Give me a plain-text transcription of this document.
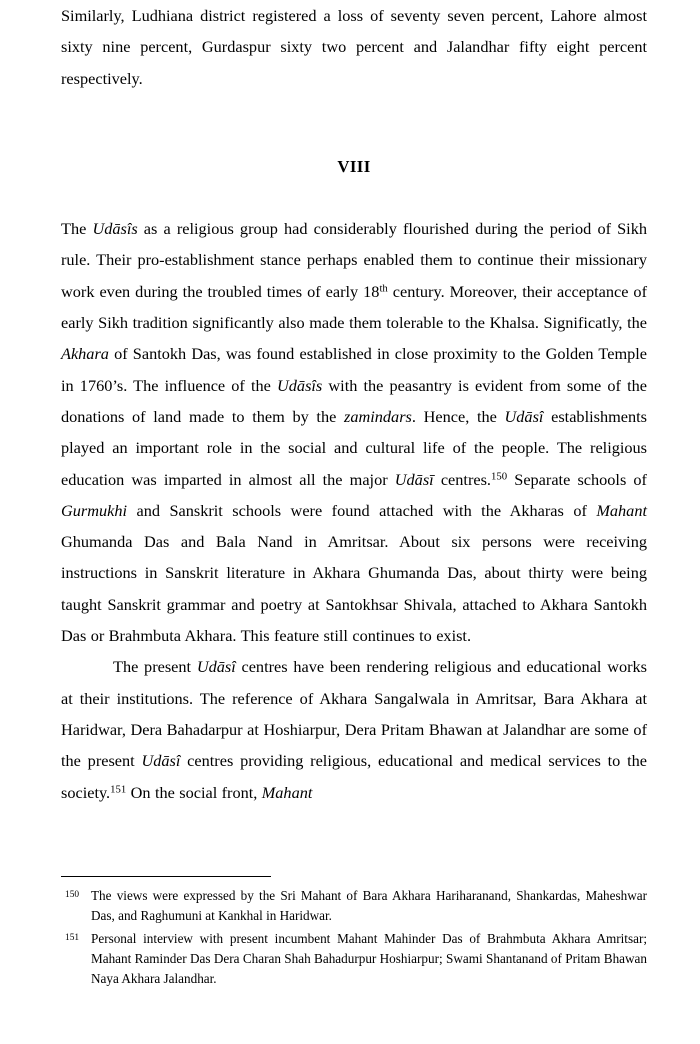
Similarly, Ludhiana district registered a loss of seventy seven percent, Lahore almost sixty nine percent, Gurdaspur sixty two percent and Jalandhar fifty eight percent respectively.

VIII

The Udāsîs as a religious group had considerably flourished during the period of Sikh rule. Their pro-establishment stance perhaps enabled them to continue their missionary work even during the troubled times of early 18th century. Moreover, their acceptance of early Sikh tradition significantly also made them tolerable to the Khalsa. Significatly, the Akhara of Santokh Das, was found established in close proximity to the Golden Temple in 1760’s. The influence of the Udāsîs with the peasantry is evident from some of the donations of land made to them by the zamindars. Hence, the Udāsî establishments played an important role in the social and cultural life of the people. The religious education was imparted in almost all the major Udāsī centres.$^{150}$ Separate schools of Gurmukhi and Sanskrit schools were found attached with the Akharas of Mahant Ghumanda Das and Bala Nand in Amritsar. About six persons were receiving instructions in Sanskrit literature in Akhara Ghumanda Das, about thirty were being taught Sanskrit grammar and poetry at Santokhsar Shivala, attached to Akhara Santokh Das or Brahmbuta Akhara. This feature still continues to exist.

The present Udāsî centres have been rendering religious and educational works at their institutions. The reference of Akhara Sangalwala in Amritsar, Bara Akhara at Haridwar, Dera Bahadarpur at Hoshiarpur, Dera Pritam Bhawan at Jalandhar are some of the present Udāsî centres providing religious, educational and medical services to the society.$^{151}$ On the social front, Mahant

150 The views were expressed by the Sri Mahant of Bara Akhara Hariharanand, Shankardas, Maheshwar Das, and Raghumuni at Kankhal in Haridwar.
151 Personal interview with present incumbent Mahant Mahinder Das of Brahmbuta Akhara Amritsar; Mahant Raminder Das Dera Charan Shah Bahadurpur Hoshiarpur; Swami Shantanand of Pritam Bhawan Naya Akhara Jalandhar.
